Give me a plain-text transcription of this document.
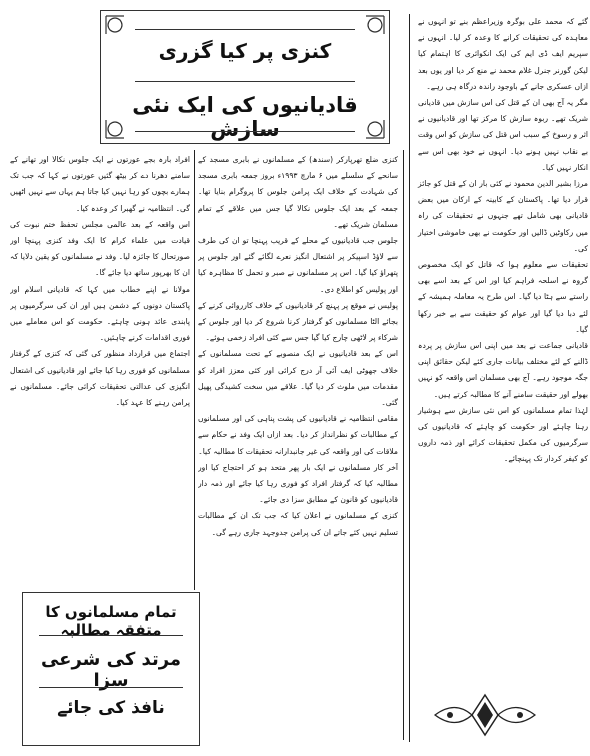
کنزی پر کیا گزری
قادیانیوں کی ایک نئی سازش

گئے کہ محمد علی بوگرہ وزیراعظم بنے تو انہوں نے معاہدہ کی تحقیقات کرانے کا وعدہ کر لیا۔ انہوں نے سپریم ایف ڈی ایم کی ایک انکوائری کا اہتمام کیا لیکن گورنر جنرل غلام محمد نے منع کر دیا اور یوں بعد ازاں عسکری جانے کے باوجود راندہ درگاہ ہی رہے۔

مگر یہ آج بھی ان کے قتل کی اس سازش میں قادیانی شریک تھے۔ ربوہ سازش کا مرکز تھا اور قادیانیوں نے اثر و رسوخ کے سبب اس قتل کی سازش کو اس وقت بے نقاب نہیں ہونے دیا۔ انہوں نے خود بھی اس سے انکار نہیں کیا۔

مرزا بشیر الدین محمود نے کئی بار ان کے قتل کو جائز قرار دیا تھا۔ پاکستان کے کابینہ کے ارکان میں بعض قادیانی بھی شامل تھے جنہوں نے تحقیقات کی راہ میں رکاوٹیں ڈالیں اور حکومت نے بھی خاموشی اختیار کی۔

تحقیقات سے معلوم ہوا کہ قاتل کو ایک مخصوص گروہ نے اسلحہ فراہم کیا اور اس کے بعد اسے بھی راستے سے ہٹا دیا گیا۔ اس طرح یہ معاملہ ہمیشہ کے لئے دبا دیا گیا اور عوام کو حقیقت سے بے خبر رکھا گیا۔

قادیانی جماعت نے بعد میں اپنی اس سازش پر پردہ ڈالنے کے لئے مختلف بیانات جاری کئے لیکن حقائق اپنی جگہ موجود رہے۔ آج بھی مسلمان اس واقعہ کو نہیں بھولے اور حقیقت سامنے آنے کا مطالبہ کرتے ہیں۔

لہٰذا تمام مسلمانوں کو اس نئی سازش سے ہوشیار رہنا چاہئے اور حکومت کو چاہئے کہ قادیانیوں کی سرگرمیوں کی مکمل تحقیقات کرائے اور ذمہ داروں کو کیفر کردار تک پہنچائے۔

کنزی ضلع تھرپارکر (سندھ) کے مسلمانوں نے بابری مسجد کے سانحے کے سلسلے میں ۶ مارچ ۱۹۹۳ء بروز جمعہ بابری مسجد کی شہادت کے خلاف ایک پرامن جلوس کا پروگرام بنایا تھا۔ جمعہ کے بعد ایک جلوس نکالا گیا جس میں علاقے کے تمام مسلمان شریک تھے۔

جلوس جب قادیانیوں کے محلے کے قریب پہنچا تو ان کی طرف سے لاؤڈ اسپیکر پر اشتعال انگیز نعرے لگائے گئے اور جلوس پر پتھراؤ کیا گیا۔ اس پر مسلمانوں نے صبر و تحمل کا مظاہرہ کیا اور پولیس کو اطلاع دی۔

پولیس نے موقع پر پہنچ کر قادیانیوں کے خلاف کارروائی کرنے کے بجائے الٹا مسلمانوں کو گرفتار کرنا شروع کر دیا اور جلوس کے شرکاء پر لاٹھی چارج کیا گیا جس سے کئی افراد زخمی ہوئے۔

اس کے بعد قادیانیوں نے ایک منصوبے کے تحت مسلمانوں کے خلاف جھوٹی ایف آئی آر درج کرائی اور کئی معزز افراد کو مقدمات میں ملوث کر دیا گیا۔ علاقے میں سخت کشیدگی پھیل گئی۔

مقامی انتظامیہ نے قادیانیوں کی پشت پناہی کی اور مسلمانوں کے مطالبات کو نظرانداز کر دیا۔ بعد ازاں ایک وفد نے حکام سے ملاقات کی اور واقعہ کی غیر جانبدارانہ تحقیقات کا مطالبہ کیا۔

آخر کار مسلمانوں نے ایک بار پھر متحد ہو کر احتجاج کیا اور مطالبہ کیا کہ گرفتار افراد کو فوری رہا کیا جائے اور ذمہ دار قادیانیوں کو قانون کے مطابق سزا دی جائے۔

کنزی کے مسلمانوں نے اعلان کیا کہ جب تک ان کے مطالبات تسلیم نہیں کئے جاتے ان کی پرامن جدوجہد جاری رہے گی۔

افراد بارہ بجے عورتوں نے ایک جلوس نکالا اور تھانے کے سامنے دھرنا دے کر بیٹھ گئیں عورتوں نے کہا کہ جب تک ہمارے بچوں کو رہا نہیں کیا جاتا ہم یہاں سے نہیں اٹھیں گی۔ انتظامیہ نے گھبرا کر وعدہ کیا۔

اس واقعہ کے بعد عالمی مجلس تحفظ ختم نبوت کی قیادت میں علماء کرام کا ایک وفد کنزی پہنچا اور صورتحال کا جائزہ لیا۔ وفد نے مسلمانوں کو یقین دلایا کہ ان کا بھرپور ساتھ دیا جائے گا۔

مولانا نے اپنے خطاب میں کہا کہ قادیانی اسلام اور پاکستان دونوں کے دشمن ہیں اور ان کی سرگرمیوں پر پابندی عائد ہونی چاہئے۔ حکومت کو اس معاملے میں فوری اقدامات کرنے چاہئیں۔

اجتماع میں قرارداد منظور کی گئی کہ کنزی کے گرفتار مسلمانوں کو فوری رہا کیا جائے اور قادیانیوں کی اشتعال انگیزی کی عدالتی تحقیقات کرائی جائے۔ مسلمانوں نے پرامن رہنے کا عہد کیا۔

تمام مسلمانوں کا متفقہ مطالبہ
مرتد کی شرعی سزا
نافذ کی جائے
